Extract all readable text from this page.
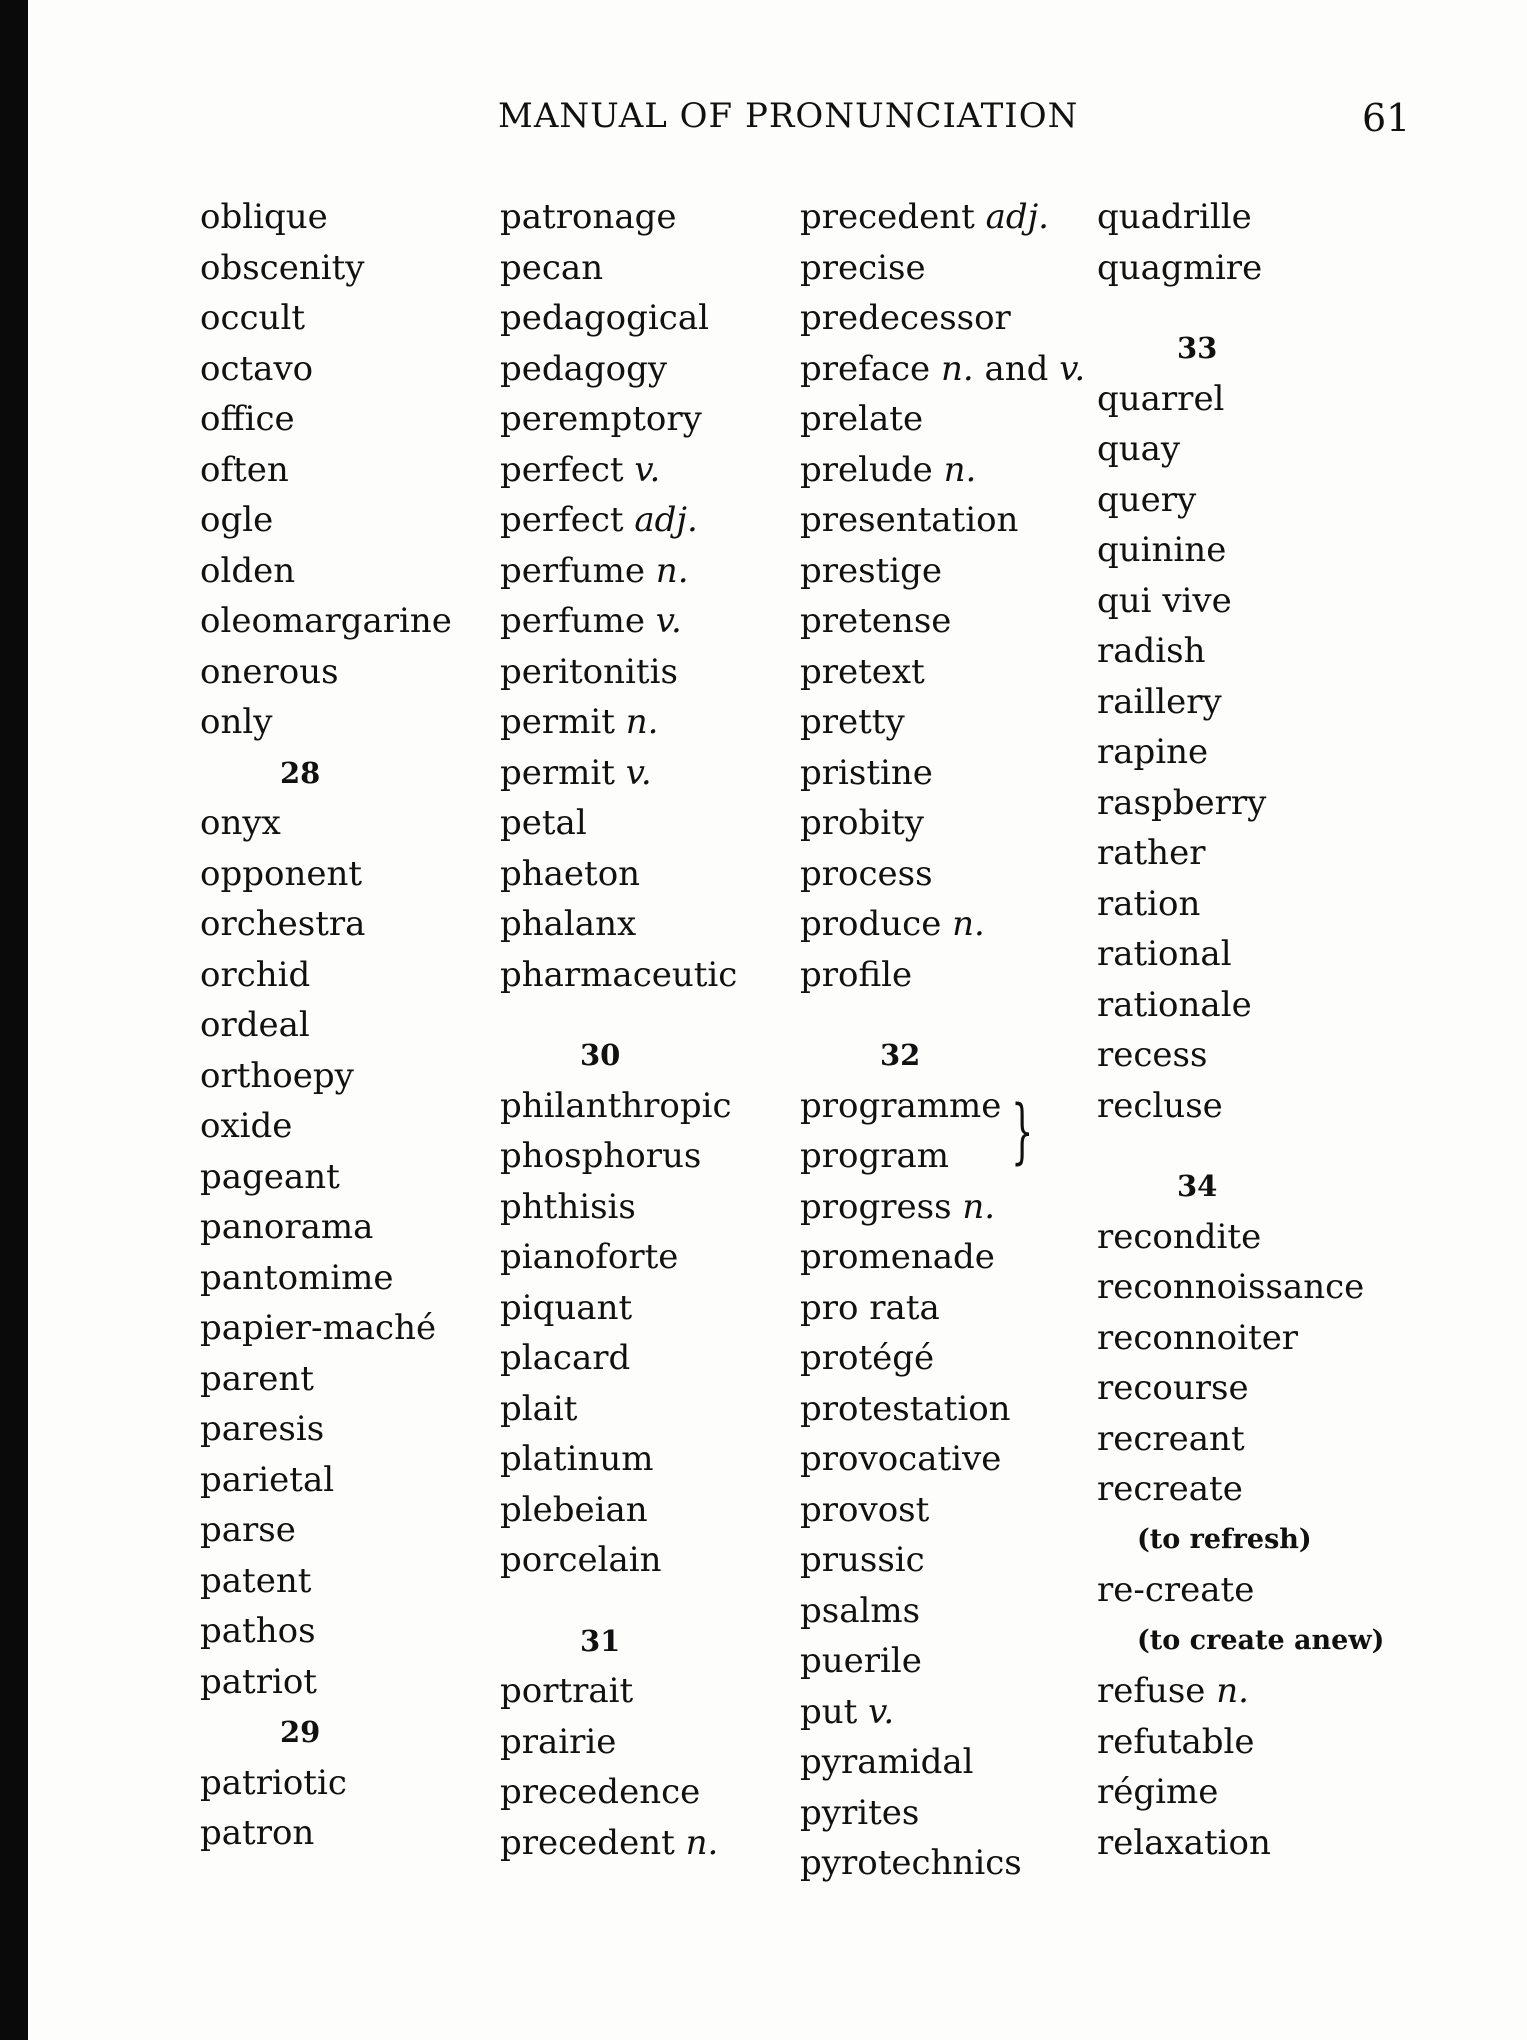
MANUAL OF PRONUNCIATION	61
oblique
obscenity
occult
octavo
office
often
ogle
olden
oleomargarine
onerous
only
28
onyx
opponent
orchestra
orchid
ordeal
orthoepy
oxide
pageant
panorama
pantomime
papier-maché
parent
paresis
parietal
parse
patent
pathos
patriot
29
patriotic
patron
patronage
pecan
pedagogical
pedagogy
peremptory
perfect v.
perfect adj.
perfume n.
perfume v.
peritonitis
permit n.
permit v.
petal
phaeton
phalanx
pharmaceutic
30
philanthropic
phosphorus
phthisis
pianoforte
piquant
placard
plait
platinum
plebeian
porcelain
31
portrait
prairie
precedence
precedent n.
precedent adj.
precise
predecessor
preface n. and v.
prelate
prelude n.
presentation
prestige
pretense
pretext
pretty
pristine
probity
process
produce n.
profile
32
programme
program
progress n.
promenade
pro rata
protégé
protestation
provocative
provost
prussic
psalms
puerile
put v.
pyramidal
pyrites
pyrotechnics
quadrille
quagmire
33
quarrel
quay
query
quinine
qui vive
radish
raillery
rapine
raspberry
rather
ration
rational
rationale
recess
recluse
34
recondite
reconnoissance
reconnoiter
recourse
recreant
recreate
(to refresh)
re-create
(to create anew)
refuse n.
refutable
régime
relaxation
}
